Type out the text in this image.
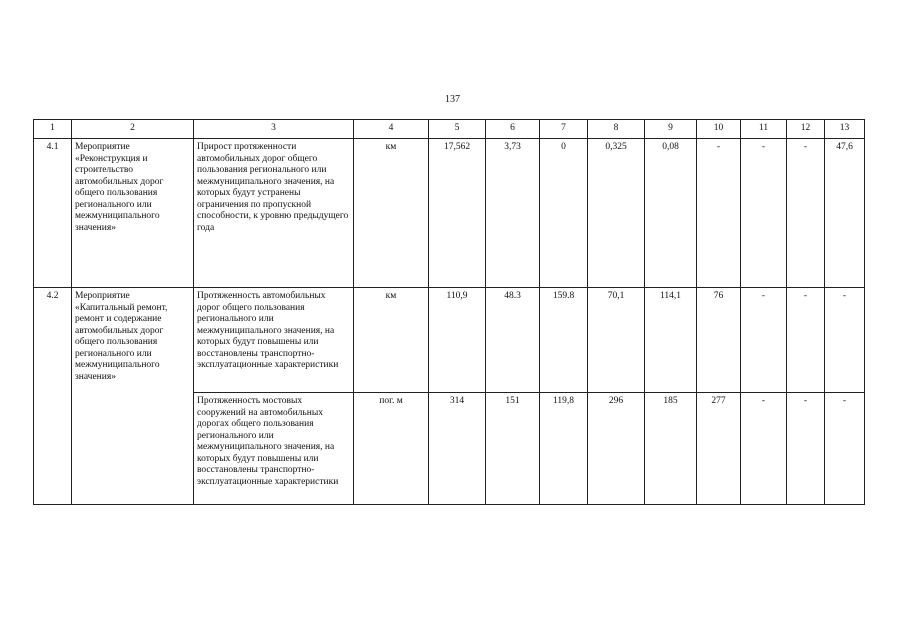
137
1	2	3	4	5	6	7	8	9	10	11	12	13
4.1	Мероприятие «Реконструкция и строительство автомобильных дорог общего пользования регионального или межмуниципального значения»	Прирост протяженности автомобильных дорог общего пользования регионального или межмуниципального значения, на которых будут устранены ограничения по пропускной способности, к уровню предыдущего года	км	17,562	3,73	0	0,325	0,08	-	-	-	47,6
4.2	Мероприятие «Капитальный ремонт, ремонт и содержание автомобильных дорог общего пользования регионального или межмуниципального значения»	Протяженность автомобильных дорог общего пользования регионального или межмуниципального значения, на которых будут повышены или восстановлены транспортно-эксплуатационные характеристики	км	110,9	48.3	159.8	70,1	114,1	76	-	-	-
		Протяженность мостовых сооружений на автомобильных дорогах общего пользования регионального или межмуниципального значения, на которых будут повышены или восстановлены транспортно-эксплуатационные характеристики	пог. м	314	151	119,8	296	185	277	-	-	-
